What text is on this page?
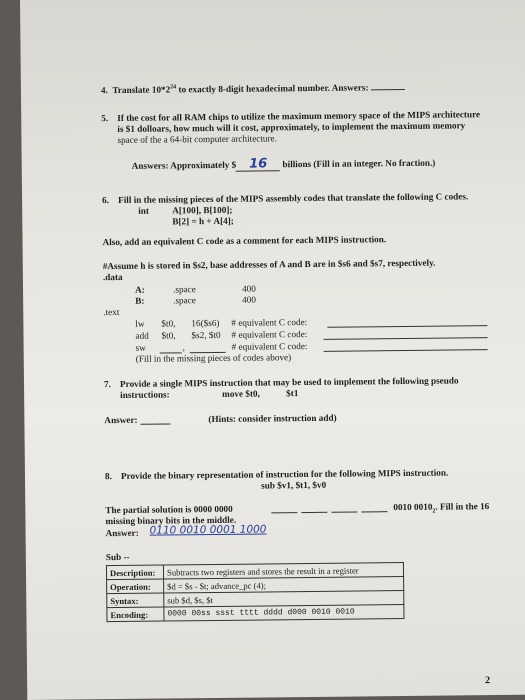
4. Translate $10*2^{24}$ to exactly 8-digit hexadecimal number. Answers:
5. If the cost for all RAM chips to utilize the maximum memory space of the MIPS architecture
is $1 dolloars, how much will it cost, approximately, to implement the maximum memory
space of the a 64-bit computer architecture.
Answers: Approximately $ 16 billions (Fill in an integer. No fraction.)
6. Fill in the missing pieces of the MIPS assembly codes that translate the following C codes.
int	A[100], B[100];
B[2] = h + A[4];
Also, add an equivalent C code as a comment for each MIPS instruction.
#Assume h is stored in $s2, base addresses of A and B are in $s6 and $s7, respectively.
.data
A:	.space	400
B:	.space	400
.text
lw $t0, 16($s6) # equivalent C code:
add $t0, $s2, $t0 # equivalent C code:
sw	,	# equivalent C code:
(Fill in the missing pieces of codes above)
7. Provide a single MIPS instruction that may be used to implement the following pseudo
instructions:	move $t0,	$t1
Answer:	(Hints: consider instruction add)
8. Provide the binary representation of instruction for the following MIPS instruction.
sub $v1, $t1, $v0
The partial solution is 0000 0000	0010 $0010_2$. Fill in the 16
missing binary bits in the middle.
Answer: 0110 0010 0001 1000
Sub --
Description:	Subtracts two registers and stores the result in a register
Operation:	$d = $s - $t; advance_pc (4);
Syntax:	sub $d, $s, $t
Encoding:	0000 00ss ssst tttt dddd d000 0010 0010
2
